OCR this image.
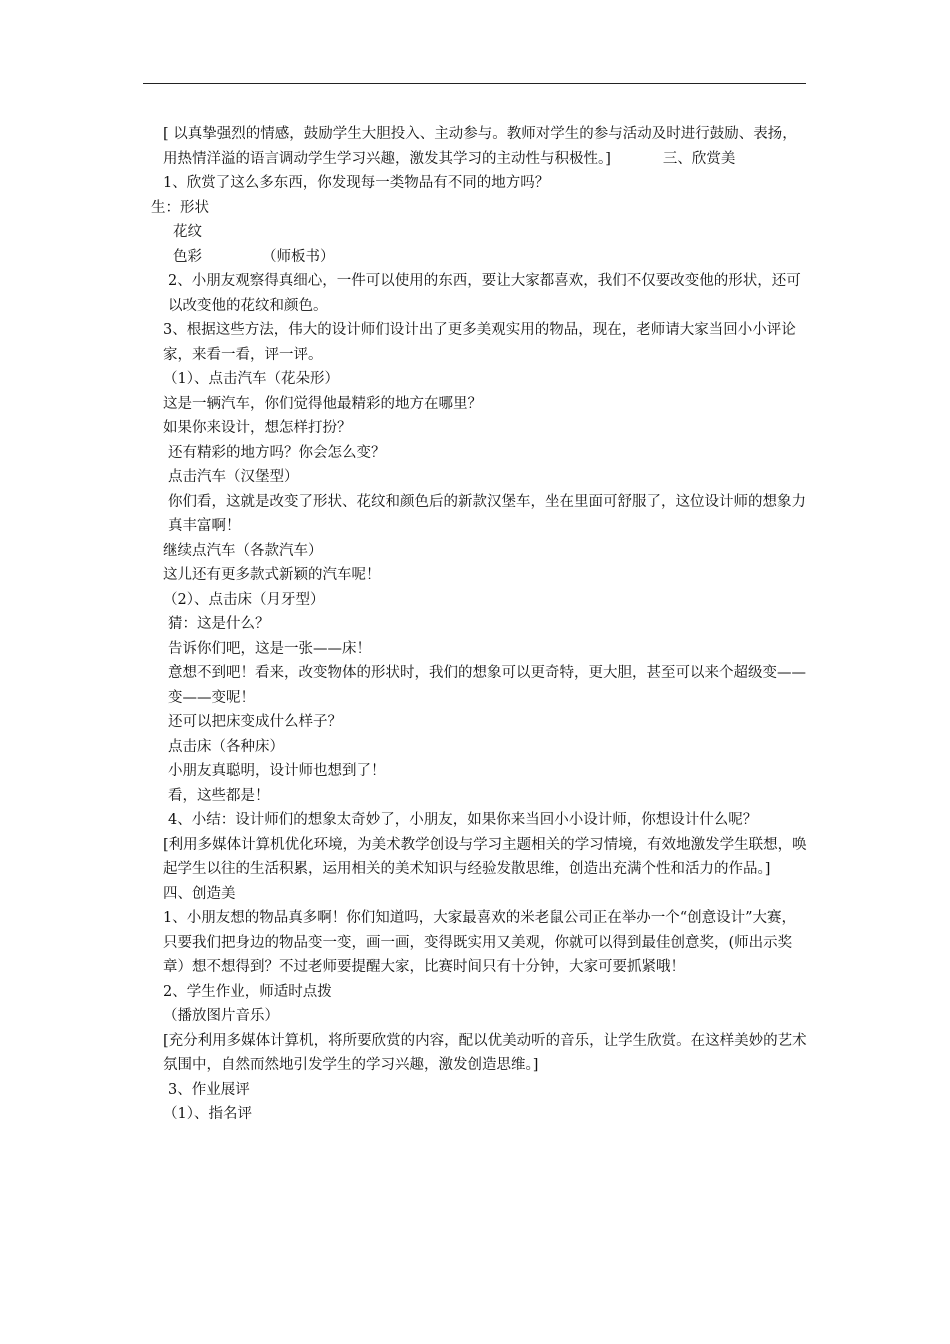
[ 以真挚强烈的情感，鼓励学生大胆投入、主动参与。教师对学生的参与活动及时进行鼓励、表扬，用热情洋溢的语言调动学生学习兴趣，激发其学习的主动性与积极性。]	三、欣赏美

1、欣赏了这么多东西，你发现每一类物品有不同的地方吗？

生：形状

花纹

色彩	（师板书）

2、小朋友观察得真细心，一件可以使用的东西，要让大家都喜欢，我们不仅要改变他的形状，还可以改变他的花纹和颜色。

3、根据这些方法，伟大的设计师们设计出了更多美观实用的物品，现在，老师请大家当回小小评论家，来看一看，评一评。

（1）、点击汽车（花朵形）

这是一辆汽车，你们觉得他最精彩的地方在哪里？

如果你来设计，想怎样打扮？

还有精彩的地方吗？你会怎么变？

点击汽车（汉堡型）

你们看，这就是改变了形状、花纹和颜色后的新款汉堡车，坐在里面可舒服了，这位设计师的想象力真丰富啊！

继续点汽车（各款汽车）

这儿还有更多款式新颖的汽车呢！

（2）、点击床（月牙型）

猜：这是什么？

告诉你们吧，这是一张——床！

意想不到吧！看来，改变物体的形状时，我们的想象可以更奇特，更大胆，甚至可以来个超级变——变——变呢！

还可以把床变成什么样子？

点击床（各种床）

小朋友真聪明，设计师也想到了！

看，这些都是！

4、小结：设计师们的想象太奇妙了，小朋友，如果你来当回小小设计师，你想设计什么呢？

[利用多媒体计算机优化环境，为美术教学创设与学习主题相关的学习情境，有效地激发学生联想，唤起学生以往的生活积累，运用相关的美术知识与经验发散思维，创造出充满个性和活力的作品。]

四、创造美

1、小朋友想的物品真多啊！你们知道吗，大家最喜欢的米老鼠公司正在举办一个“创意设计”大赛，只要我们把身边的物品变一变，画一画，变得既实用又美观，你就可以得到最佳创意奖，(师出示奖章）想不想得到？不过老师要提醒大家，比赛时间只有十分钟，大家可要抓紧哦！

2、学生作业，师适时点拨

（播放图片音乐）

[充分利用多媒体计算机，将所要欣赏的内容，配以优美动听的音乐，让学生欣赏。在这样美妙的艺术氛围中，自然而然地引发学生的学习兴趣，激发创造思维。]

3、作业展评

（1）、指名评
